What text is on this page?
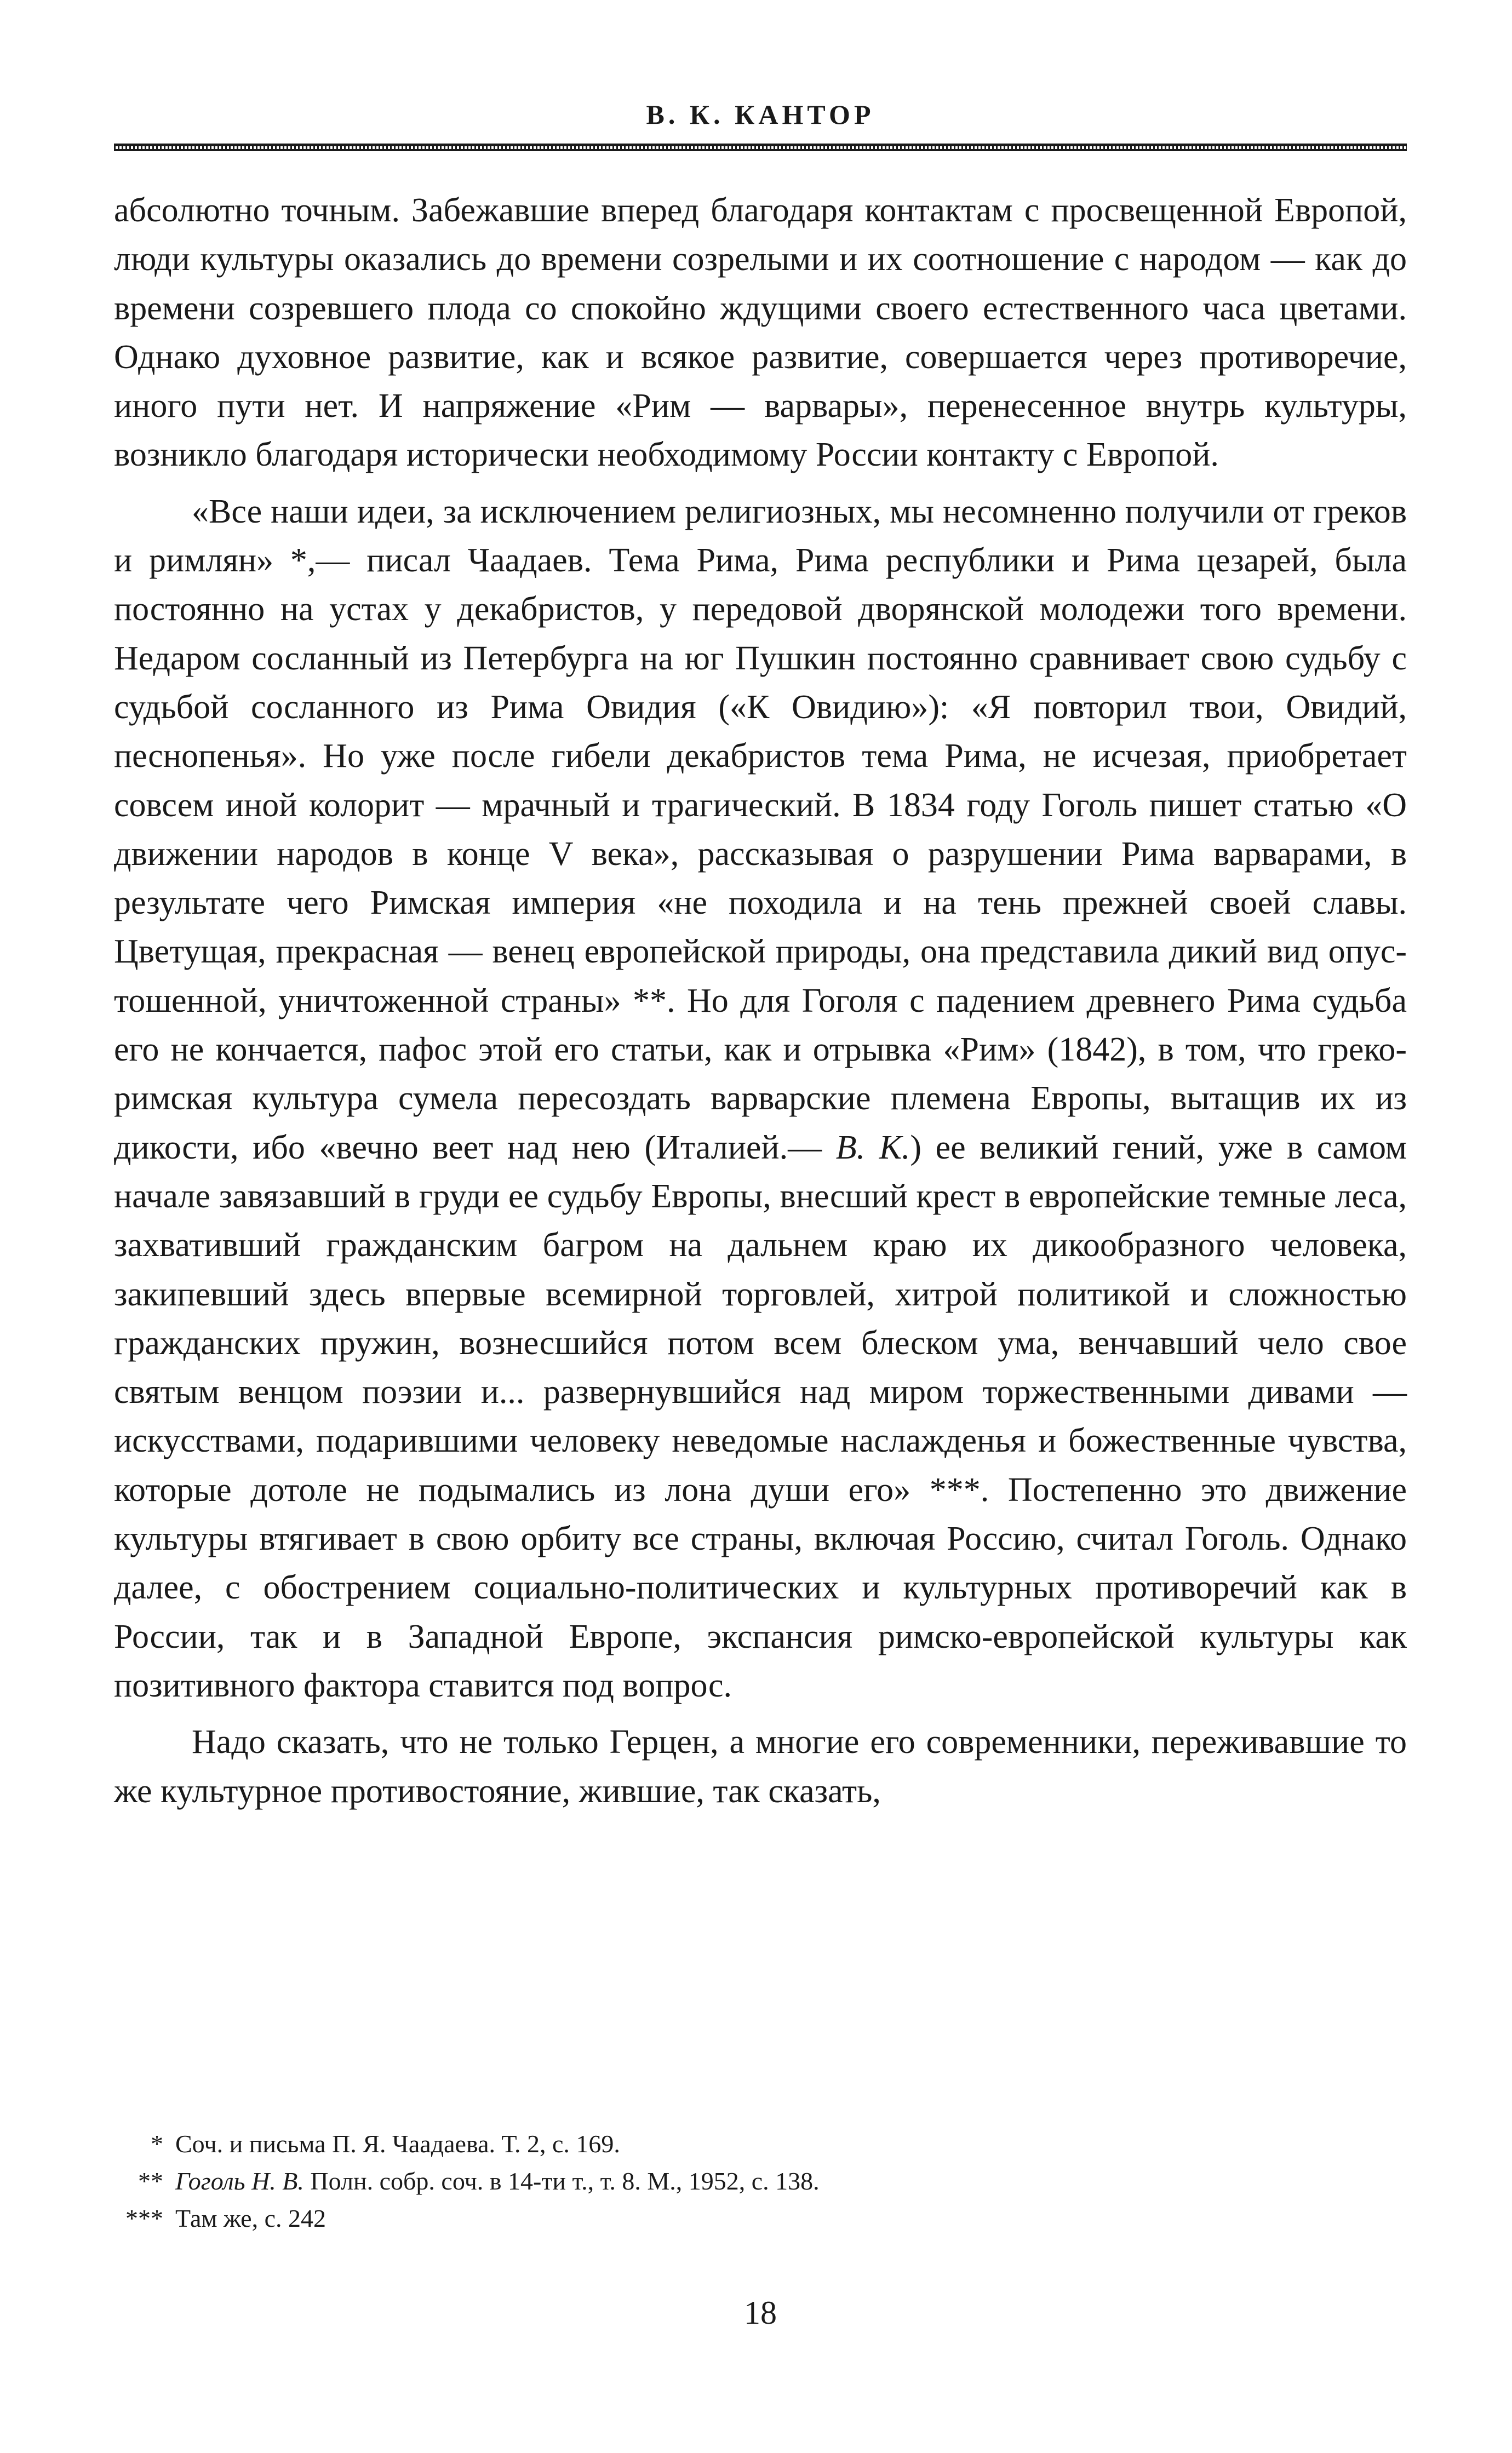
В. К. КАНТОР

абсолютно точным. Забежавшие вперед благодаря контактам с просвещенной Европой, люди культуры оказались до времени созрелыми и их соотношение с народом — как до времени созревшего плода со спокойно ждущими своего естественного часа цветами. Однако духовное развитие, как и всякое развитие, совершается через противоречие, иного пути нет. И напряжение «Рим — варвары», перенесенное внутрь культуры, возникло благодаря исторически необходимому России контакту с Европой.

«Все наши идеи, за исключением религиозных, мы несомненно получили от греков и римлян» *,— писал Чаадаев. Тема Рима, Рима республики и Рима цезарей, была постоянно на устах у декабристов, у передовой дворянской молодежи того времени. Недаром сосланный из Петербурга на юг Пушкин постоянно сравнивает свою судьбу с судьбой сосланного из Рима Овидия («К Овидию»): «Я повторил твои, Овидий, песнопенья». Но уже после гибели декабристов тема Рима, не исчезая, приобретает совсем иной колорит — мрачный и трагический. В 1834 году Гоголь пишет статью «О движении народов в конце V века», рассказывая о разрушении Рима варварами, в результате чего Римская империя «не походила и на тень прежней своей славы. Цветущая, прекрасная — венец европейской природы, она представила дикий вид опустошенной, уничтоженной страны» **. Но для Гоголя с падением древнего Рима судьба его не кончается, пафос этой его статьи, как и отрывка «Рим» (1842), в том, что греко-римская культура сумела пересоздать варварские племена Европы, вытащив их из дикости, ибо «вечно веет над нею (Италией.— В. К.) ее великий гений, уже в самом начале завязавший в груди ее судьбу Европы, внесший крест в европейские темные леса, захвативший гражданским багром на дальнем краю их дикообразного человека, закипевший здесь впервые всемирной торговлей, хитрой политикой и сложностью гражданских пружин, вознесшийся потом всем блеском ума, венчавший чело свое святым венцом поэзии и... развернувшийся над миром торжественными дивами — искусствами, подарившими человеку неведомые наслажденья и божественные чувства, которые дотоле не подымались из лона души его» ***. Постепенно это движение культуры втягивает в свою орбиту все страны, включая Россию, считал Гоголь. Однако далее, с обострением социально-политических и культурных противоречий как в России, так и в Западной Европе, экспансия римско-европейской культуры как позитивного фактора ставится под вопрос.

Надо сказать, что не только Герцен, а многие его современники, переживавшие то же культурное противостояние, жившие, так сказать,

* Соч. и письма П. Я. Чаадаева. Т. 2, с. 169.

** Гоголь Н. В. Полн. собр. соч. в 14-ти т., т. 8. М., 1952, с. 138.

*** Там же, с. 242

18
